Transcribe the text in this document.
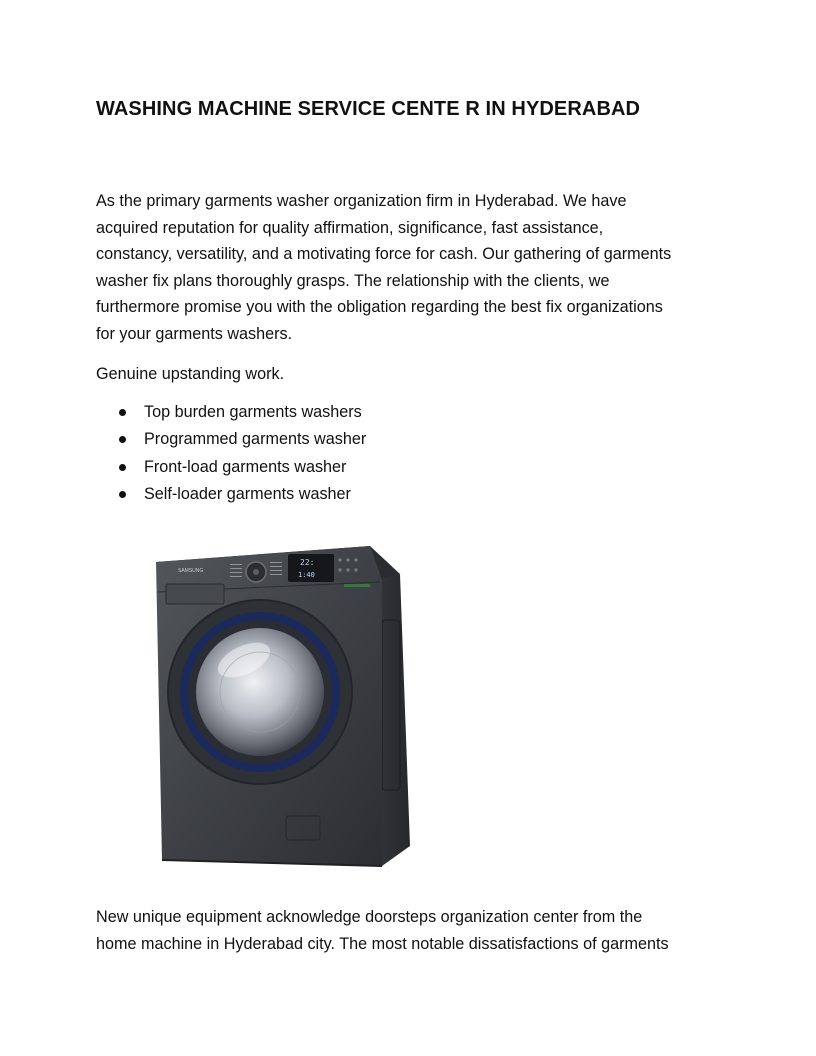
WASHING MACHINE SERVICE CENTE R IN HYDERABAD
As the primary garments washer organization firm in Hyderabad. We have
acquired reputation for quality affirmation, significance, fast assistance,
constancy, versatility, and a motivating force for cash. Our gathering of garments
washer fix plans thoroughly grasps. The relationship with the clients, we
furthermore promise you with the obligation regarding the best fix organizations
for your garments washers.

Genuine upstanding work.

Top burden garments washers
Programmed garments washer
Front-load garments washer
Self-loader garments washer
SAMSUNG
22:
1:40
New unique equipment acknowledge doorsteps organization center from the
home machine in Hyderabad city. The most notable dissatisfactions of garments
